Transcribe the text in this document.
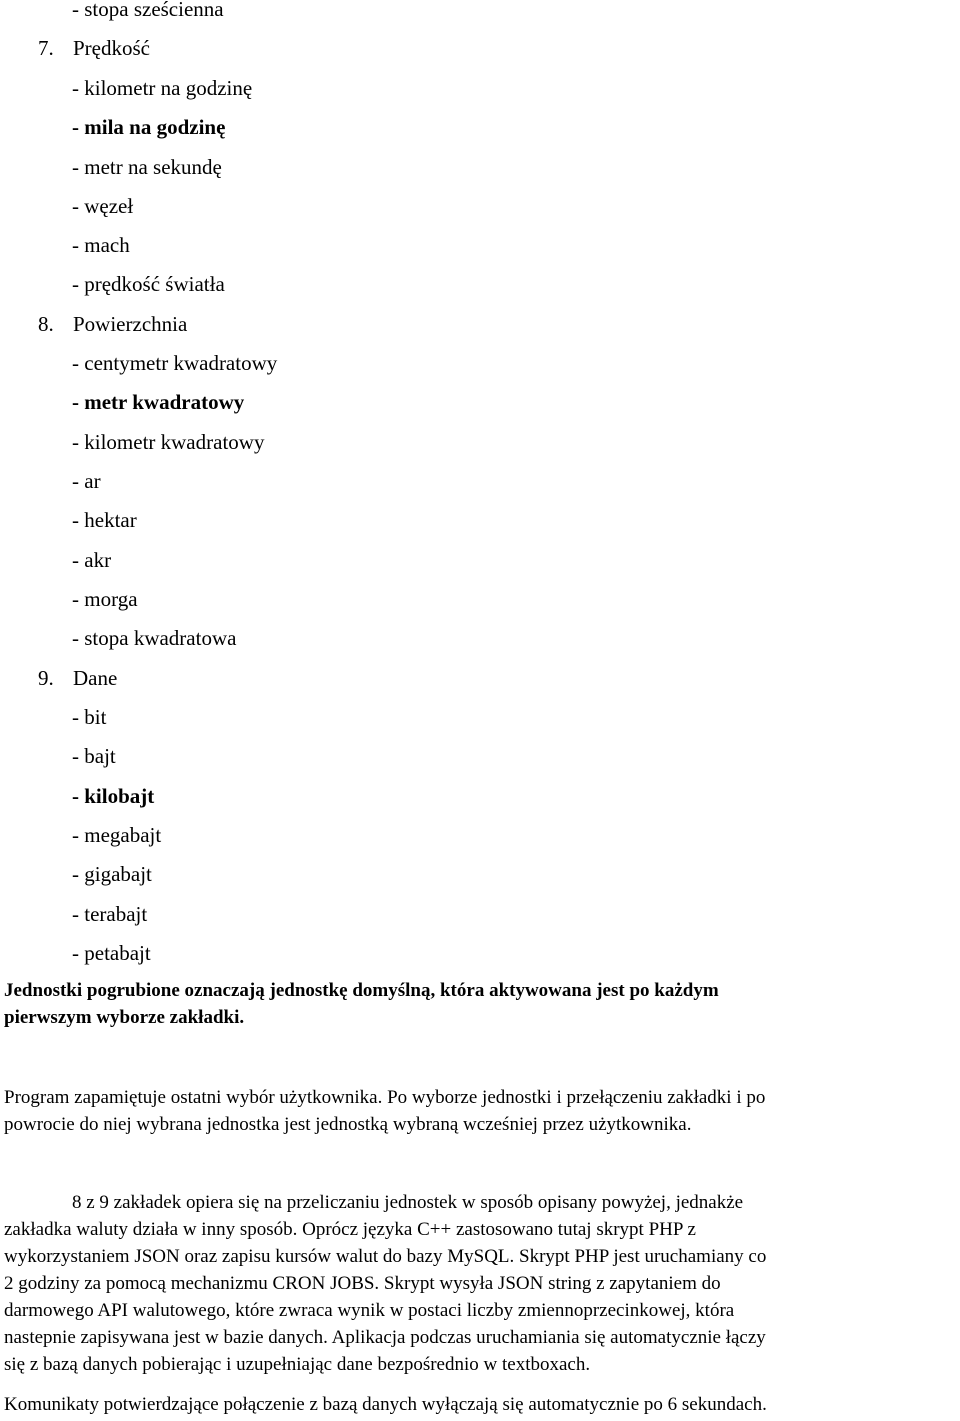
- stopa sześcienna
7. Prędkość
- kilometr na godzinę
- mila na godzinę
- metr na sekundę
- węzeł
- mach
- prędkość światła
8. Powierzchnia
- centymetr kwadratowy
- metr kwadratowy
- kilometr kwadratowy
- ar
- hektar
- akr
- morga
- stopa kwadratowa
9. Dane
- bit
- bajt
- kilobajt
- megabajt
- gigabajt
- terabajt
- petabajt
Jednostki pogrubione oznaczają jednostkę domyślną, która aktywowana jest po każdym
pierwszym wyborze zakładki.
Program zapamiętuje ostatni wybór użytkownika. Po wyborze jednostki i przełączeniu zakładki i po
powrocie do niej wybrana jednostka jest jednostką wybraną wcześniej przez użytkownika.
8 z 9 zakładek opiera się na przeliczaniu jednostek w sposób opisany powyżej, jednakże
zakładka waluty działa w inny sposób. Oprócz języka C++ zastosowano tutaj skrypt PHP z
wykorzystaniem JSON oraz zapisu kursów walut do bazy MySQL. Skrypt PHP jest uruchamiany co
2 godziny za pomocą mechanizmu CRON JOBS. Skrypt wysyła JSON string z zapytaniem do
darmowego API walutowego, które zwraca wynik w postaci liczby zmiennoprzecinkowej, która
nastepnie zapisywana jest w bazie danych. Aplikacja podczas uruchamiania się automatycznie łączy
się z bazą danych pobierając i uzupełniając dane bezpośrednio w textboxach.
Komunikaty potwierdzające połączenie z bazą danych wyłączają się automatycznie po 6 sekundach.
